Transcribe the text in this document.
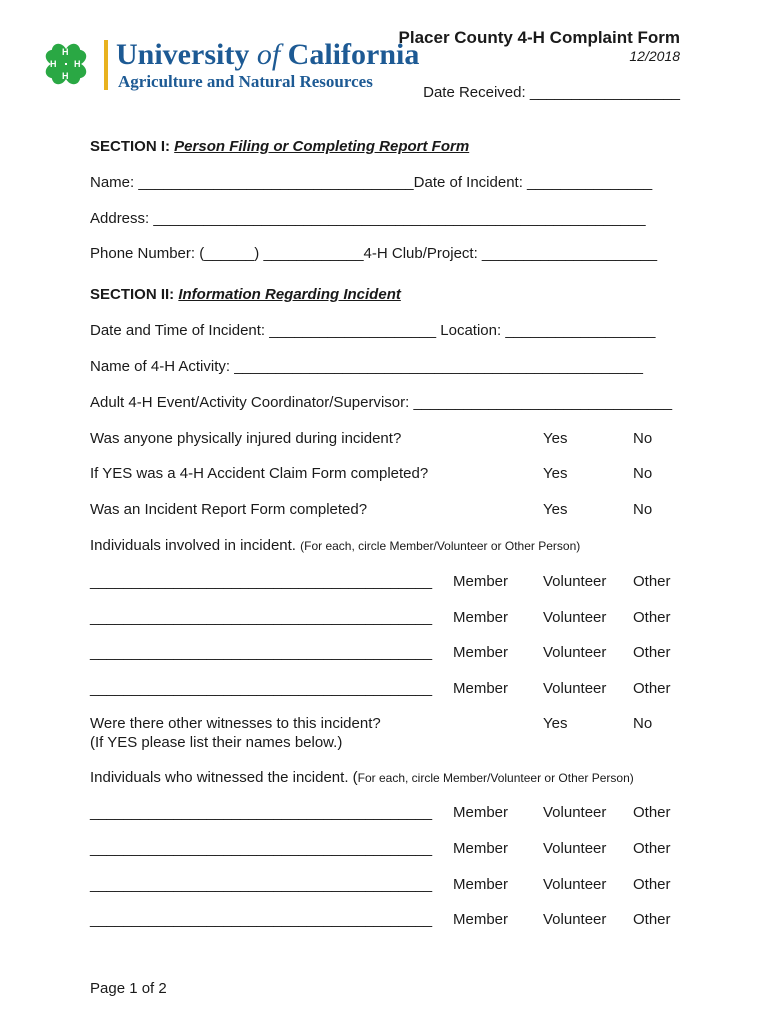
H
H
H H University of California
Agriculture and Natural Resources
Placer County 4-H Complaint Form
12/2018
Date Received: __________________
SECTION I: Person Filing or Completing Report Form
Name: _________________________________Date of Incident: _______________
Address: ___________________________________________________________
Phone Number: (______) ____________4-H Club/Project: _____________________
SECTION II: Information Regarding Incident
Date and Time of Incident: ____________________ Location: __________________
Name of 4-H Activity: _________________________________________________
Adult 4-H Event/Activity Coordinator/Supervisor: _______________________________
Was anyone physically injured during incident?	Yes	No
If YES was a 4-H Accident Claim Form completed?	Yes	No
Was an Incident Report Form completed?	Yes	No
Individuals involved in incident. (For each, circle Member/Volunteer or Other Person)
_________________________________________ Member Volunteer Other
_________________________________________ Member Volunteer Other
_________________________________________ Member Volunteer Other
_________________________________________ Member Volunteer Other
Were there other witnesses to this incident?
(If YES please list their names below.)
Yes	No
Individuals who witnessed the incident. (For each, circle Member/Volunteer or Other Person)
_________________________________________ Member Volunteer Other
_________________________________________ Member Volunteer Other
_________________________________________ Member Volunteer Other
_________________________________________ Member Volunteer Other
Page 1 of 2
